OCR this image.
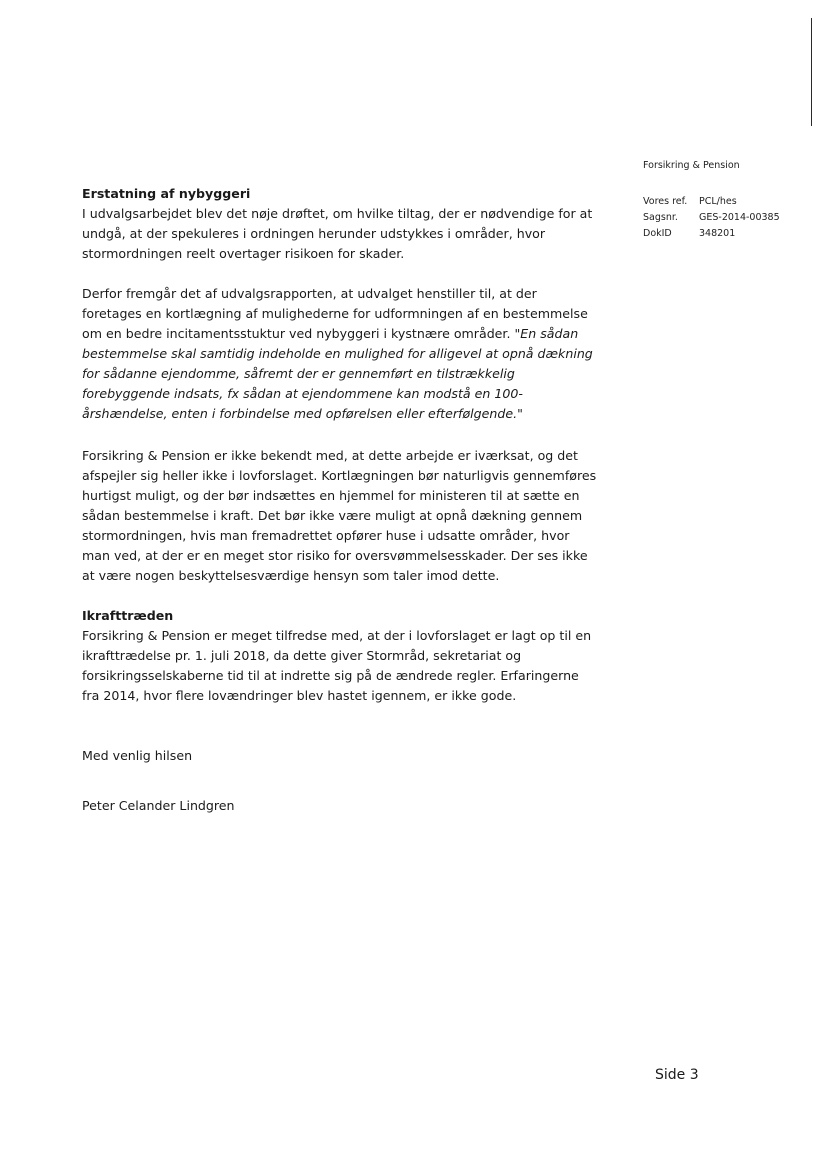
Forsikring & Pension
Vores ref.	PCL/hes
Sagsnr.	GES-2014-00385
DokID	348201

Erstatning af nybyggeri

I udvalgsarbejdet blev det nøje drøftet, om hvilke tiltag, der er nødvendige for at undgå, at der spekuleres i ordningen herunder udstykkes i områder, hvor stormordningen reelt overtager risikoen for skader.

Derfor fremgår det af udvalgsrapporten, at udvalget henstiller til, at der foretages en kortlægning af mulighederne for udformningen af en bestemmelse om en bedre incitamentsstuktur ved nybyggeri i kystnære områder. "En sådan bestemmelse skal samtidig indeholde en mulighed for alligevel at opnå dækning for sådanne ejendomme, såfremt der er gennemført en tilstrækkelig forebyggende indsats, fx sådan at ejendommene kan modstå en 100-årshændelse, enten i forbindelse med opførelsen eller efterfølgende."

Forsikring & Pension er ikke bekendt med, at dette arbejde er iværksat, og det afspejler sig heller ikke i lovforslaget. Kortlægningen bør naturligvis gennemføres hurtigst muligt, og der bør indsættes en hjemmel for ministeren til at sætte en sådan bestemmelse i kraft. Det bør ikke være muligt at opnå dækning gennem stormordningen, hvis man fremadrettet opfører huse i udsatte områder, hvor man ved, at der er en meget stor risiko for oversvømmelsesskader. Der ses ikke at være nogen beskyttelsesværdige hensyn som taler imod dette.

Ikrafttræden

Forsikring & Pension er meget tilfredse med, at der i lovforslaget er lagt op til en ikrafttrædelse pr. 1. juli 2018, da dette giver Stormråd, sekretariat og forsikringsselskaberne tid til at indrette sig på de ændrede regler. Erfaringerne fra 2014, hvor flere lovændringer blev hastet igennem, er ikke gode.

Med venlig hilsen

Peter Celander Lindgren

Side 3
